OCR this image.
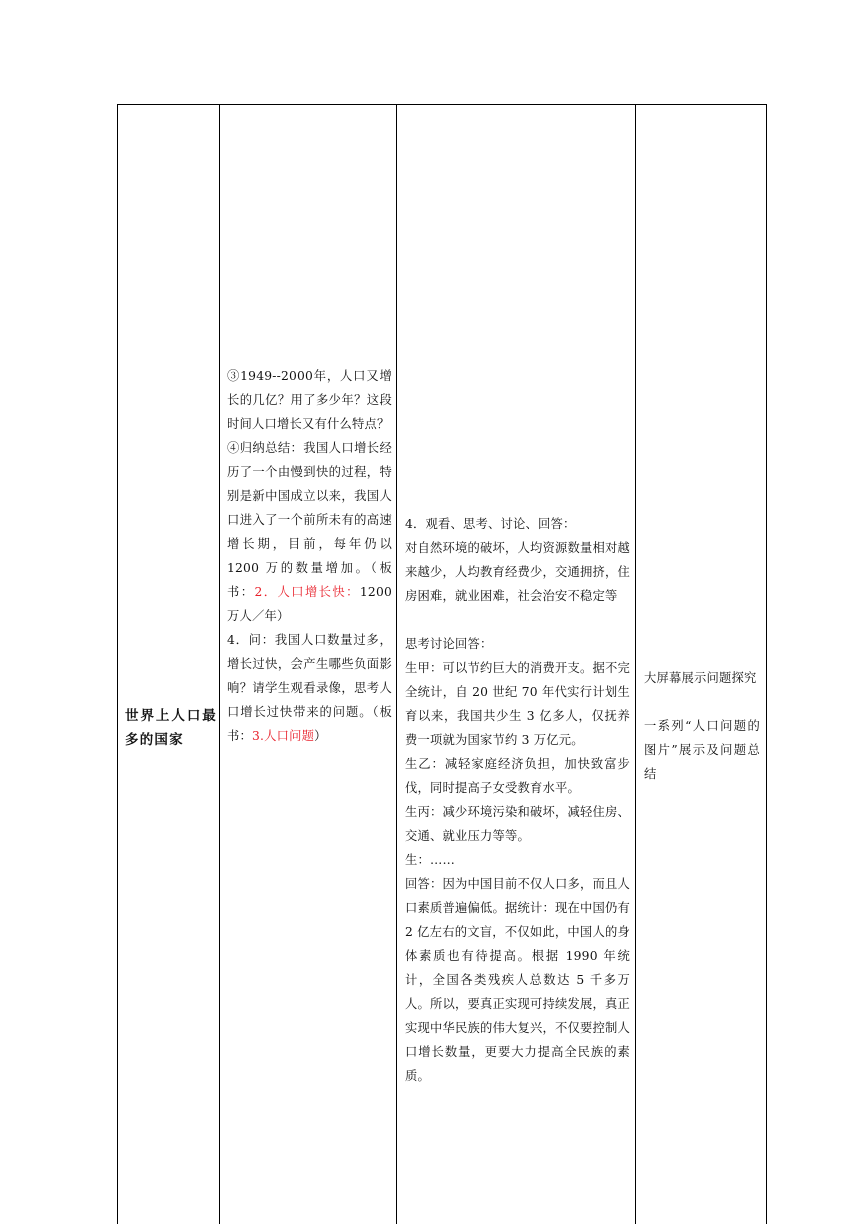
世界上人口最多的国家
③1949--2000年，人口又增长的几亿？用了多少年？这段时间人口增长又有什么特点？
④归纳总结：我国人口增长经历了一个由慢到快的过程，特别是新中国成立以来，我国人口进入了一个前所未有的高速增长期，目前，每年仍以 1200 万的数量增加。（板书：2．人口增长快：1200 万人／年）
4．问：我国人口数量过多，增长过快，会产生哪些负面影响？请学生观看录像，思考人口增长过快带来的问题。（板书：3.人口问题）
4．观看、思考、讨论、回答：
对自然环境的破坏，人均资源数量相对越来越少，人均教育经费少，交通拥挤，住房困难，就业困难，社会治安不稳定等
思考讨论回答：
生甲：可以节约巨大的消费开支。据不完全统计，自 20 世纪 70 年代实行计划生育以来，我国共少生 3 亿多人，仅抚养费一项就为国家节约 3 万亿元。
生乙：减轻家庭经济负担，加快致富步伐，同时提高子女受教育水平。
生丙：减少环境污染和破坏，减轻住房、交通、就业压力等等。
生：……
回答：因为中国目前不仅人口多，而且人口素质普遍偏低。据统计：现在中国仍有 2 亿左右的文盲，不仅如此，中国人的身体素质也有待提高。根据 1990 年统计，全国各类残疾人总数达 5 千多万人。所以，要真正实现可持续发展，真正实现中华民族的伟大复兴，不仅要控制人口增长数量，更要大力提高全民族的素质。
大屏幕展示问题探究
一系列“人口问题的图片”展示及问题总结
